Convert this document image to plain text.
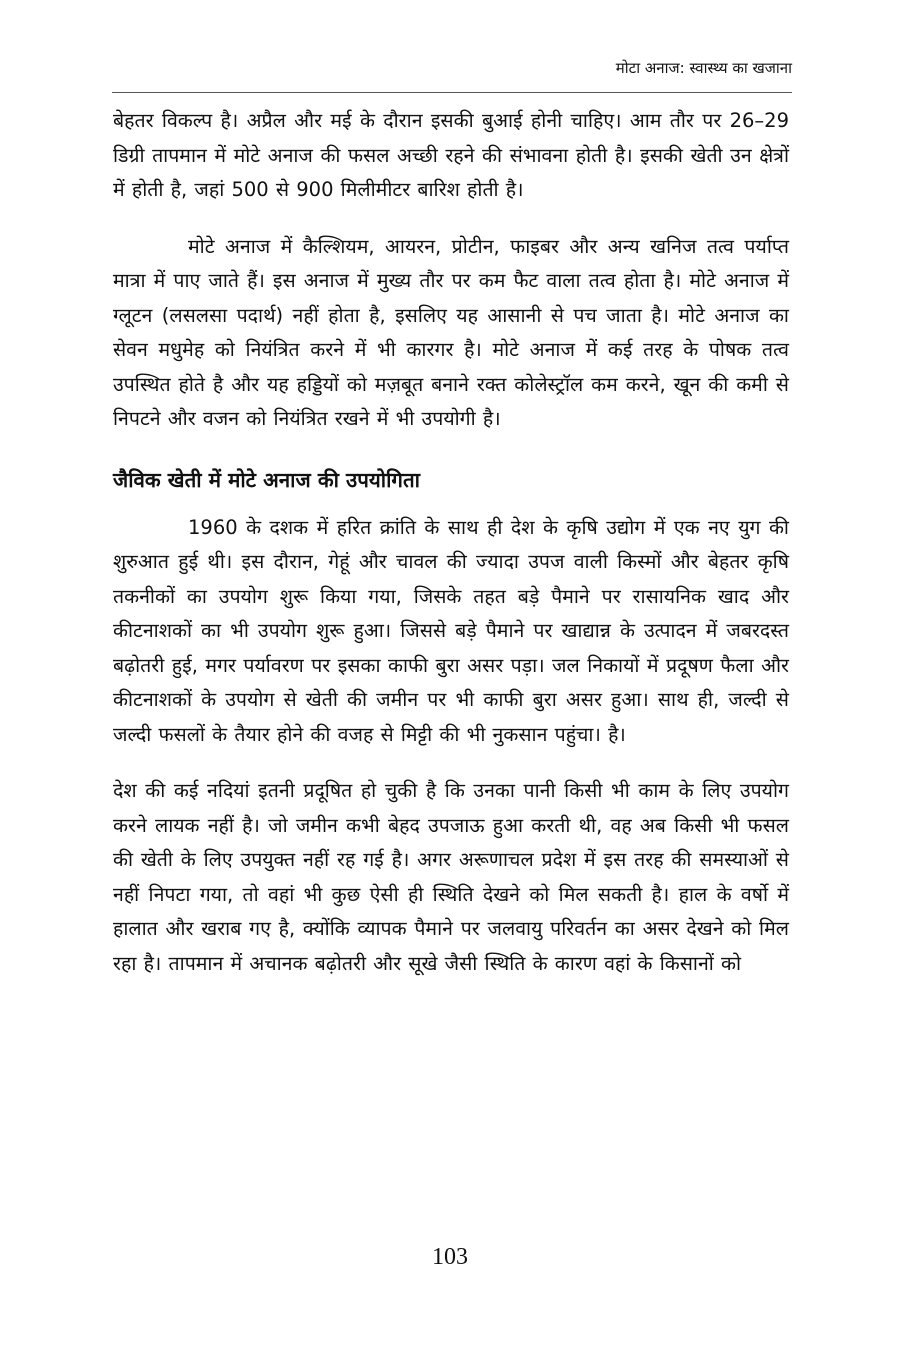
मोटा अनाज: स्वास्थ्य का खजाना

बेहतर विकल्प है। अप्रैल और मई के दौरान इसकी बुआई होनी चाहिए। आम तौर पर 26–29 डिग्री तापमान में मोटे अनाज की फसल अच्छी रहने की संभावना होती है। इसकी खेती उन क्षेत्रों में होती है, जहां 500 से 900 मिलीमीटर बारिश होती है।

मोटे अनाज में कैल्शियम, आयरन, प्रोटीन, फाइबर और अन्य खनिज तत्व पर्याप्त मात्रा में पाए जाते हैं। इस अनाज में मुख्य तौर पर कम फैट वाला तत्व होता है। मोटे अनाज में ग्लूटन (लसलसा पदार्थ) नहीं होता है, इसलिए यह आसानी से पच जाता है। मोटे अनाज का सेवन मधुमेह को नियंत्रित करने में भी कारगर है। मोटे अनाज में कई तरह के पोषक तत्व उपस्थित होते है और यह हड्डियों को मज़बूत बनाने रक्त कोलेस्ट्रॉल कम करने, खून की कमी से निपटने और वजन को नियंत्रित रखने में भी उपयोगी है।

जैविक खेती में मोटे अनाज की उपयोगिता

1960 के दशक में हरित क्रांति के साथ ही देश के कृषि उद्योग में एक नए युग की शुरुआत हुई थी। इस दौरान, गेहूं और चावल की ज्यादा उपज वाली किस्मों और बेहतर कृषि तकनीकों का उपयोग शुरू किया गया, जिसके तहत बड़े पैमाने पर रासायनिक खाद और कीटनाशकों का भी उपयोग शुरू हुआ। जिससे बड़े पैमाने पर खाद्यान्न के उत्पादन में जबरदस्त बढ़ोतरी हुई, मगर पर्यावरण पर इसका काफी बुरा असर पड़ा। जल निकायों में प्रदूषण फैला और कीटनाशकों के उपयोग से खेती की जमीन पर भी काफी बुरा असर हुआ। साथ ही, जल्दी से जल्दी फसलों के तैयार होने की वजह से मिट्टी की भी नुकसान पहुंचा। है।

देश की कई नदियां इतनी प्रदूषित हो चुकी है कि उनका पानी किसी भी काम के लिए उपयोग करने लायक नहीं है। जो जमीन कभी बेहद उपजाऊ हुआ करती थी, वह अब किसी भी फसल की खेती के लिए उपयुक्त नहीं रह गई है। अगर अरूणाचल प्रदेश में इस तरह की समस्याओं से नहीं निपटा गया, तो वहां भी कुछ ऐसी ही स्थिति देखने को मिल सकती है। हाल के वर्षो में हालात और खराब गए है, क्योंकि व्यापक पैमाने पर जलवायु परिवर्तन का असर देखने को मिल रहा है। तापमान में अचानक बढ़ोतरी और सूखे जैसी स्थिति के कारण वहां के किसानों को

103
